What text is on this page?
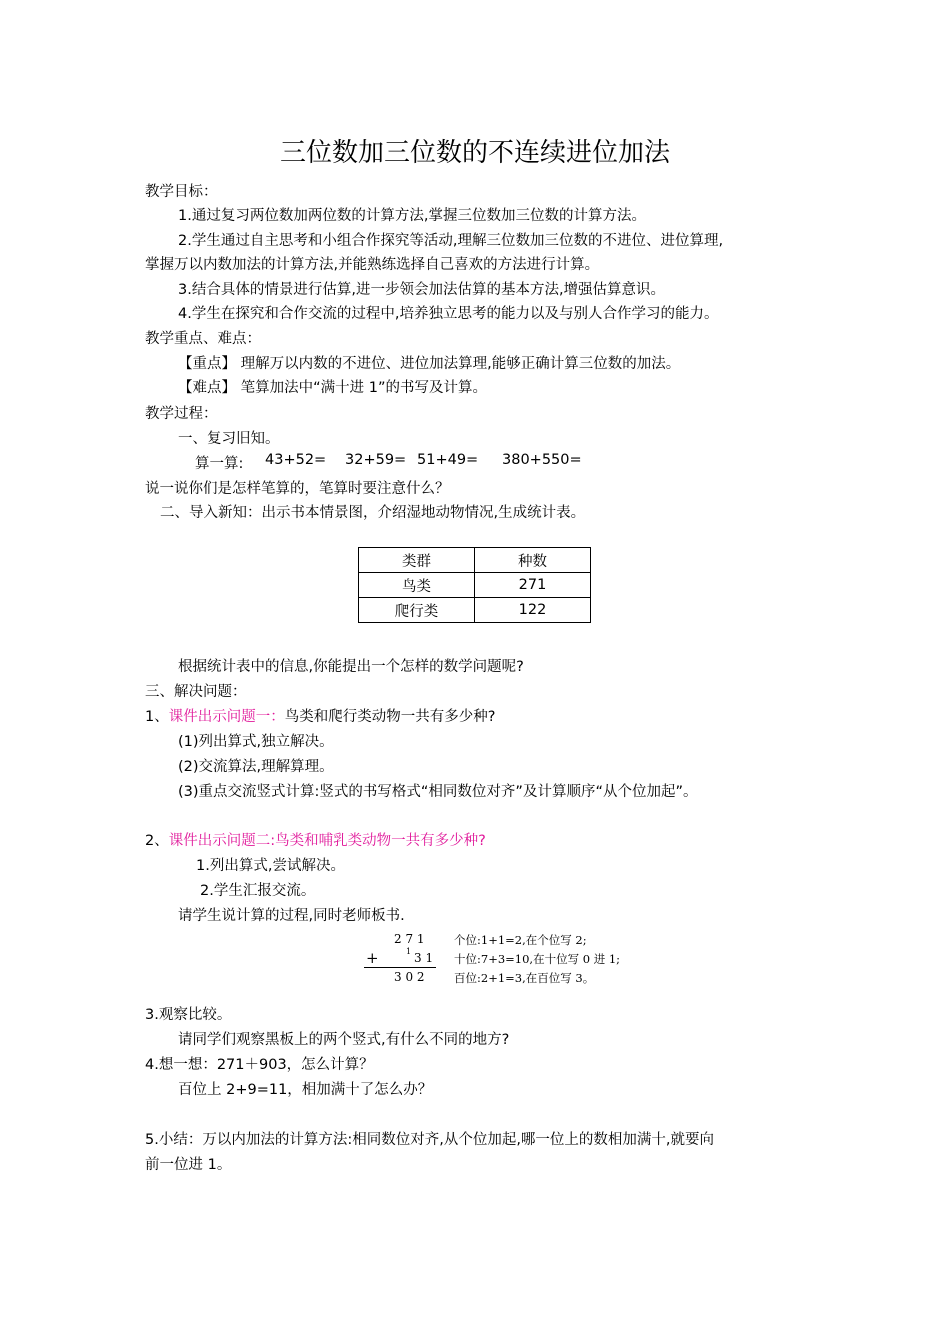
三位数加三位数的不连续进位加法
教学目标：
1.通过复习两位数加两位数的计算方法,掌握三位数加三位数的计算方法。
2.学生通过自主思考和小组合作探究等活动,理解三位数加三位数的不进位、进位算理,
掌握万以内数加法的计算方法,并能熟练选择自己喜欢的方法进行计算。
3.结合具体的情景进行估算,进一步领会加法估算的基本方法,增强估算意识。
4.学生在探究和合作交流的过程中,培养独立思考的能力以及与别人合作学习的能力。
教学重点、难点：
【重点】 理解万以内数的不进位、进位加法算理,能够正确计算三位数的加法。
【难点】 笔算加法中“满十进 1”的书写及计算。
教学过程：
一、复习旧知。
算一算: 43+52= 32+59= 51+49= 380+550=
说一说你们是怎样笔算的，笔算时要注意什么？
二、导入新知：出示书本情景图，介绍湿地动物情况,生成统计表。
类群	种数
鸟类	271
爬行类	122
根据统计表中的信息,你能提出一个怎样的数学问题呢?
三、解决问题：
1、课件出示问题一：鸟类和爬行类动物一共有多少种?
(1)列出算式,独立解决。
(2)交流算法,理解算理。
(3)重点交流竖式计算:竖式的书写格式“相同数位对齐”及计算顺序“从个位加起”。
2、课件出示问题二:鸟类和哺乳类动物一共有多少种?
1.列出算式,尝试解决。
2.学生汇报交流。
请学生说计算的过程,同时老师板书.
2 7 1
+	1 3 1
3 0 2
个位:1+1=2,在个位写 2;
十位:7+3=10,在十位写 0 进 1;
百位:2+1=3,在百位写 3。
3.观察比较。
请同学们观察黑板上的两个竖式,有什么不同的地方?
4.想一想：271＋903，怎么计算？
百位上 2+9=11，相加满十了怎么办？
5.小结：万以内加法的计算方法:相同数位对齐,从个位加起,哪一位上的数相加满十,就要向
前一位进 1。
